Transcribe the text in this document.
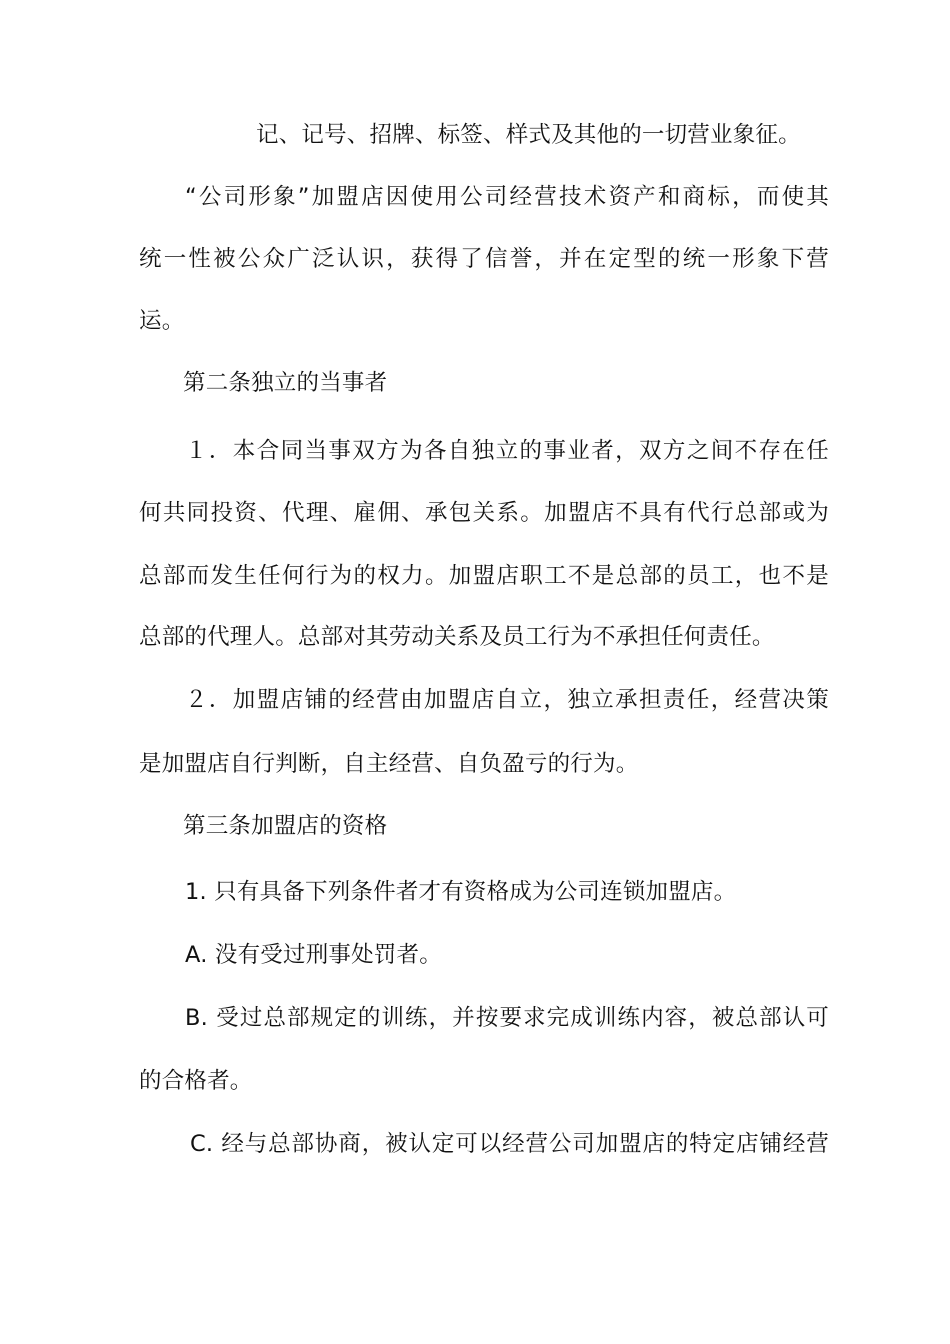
记、记号、招牌、标签、样式及其他的一切营业象征。
“公司形象”加盟店因使用公司经营技术资产和商标，而使其
统一性被公众广泛认识，获得了信誉，并在定型的统一形象下营
运。
第二条独立的当事者
１．本合同当事双方为各自独立的事业者，双方之间不存在任
何共同投资、代理、雇佣、承包关系。加盟店不具有代行总部或为
总部而发生任何行为的权力。加盟店职工不是总部的员工，也不是
总部的代理人。总部对其劳动关系及员工行为不承担任何责任。
２．加盟店铺的经营由加盟店自立，独立承担责任，经营决策
是加盟店自行判断，自主经营、自负盈亏的行为。
第三条加盟店的资格
1. 只有具备下列条件者才有资格成为公司连锁加盟店。
A. 没有受过刑事处罚者。
B. 受过总部规定的训练，并按要求完成训练内容，被总部认可
的合格者。
C. 经与总部协商，被认定可以经营公司加盟店的特定店铺经营
